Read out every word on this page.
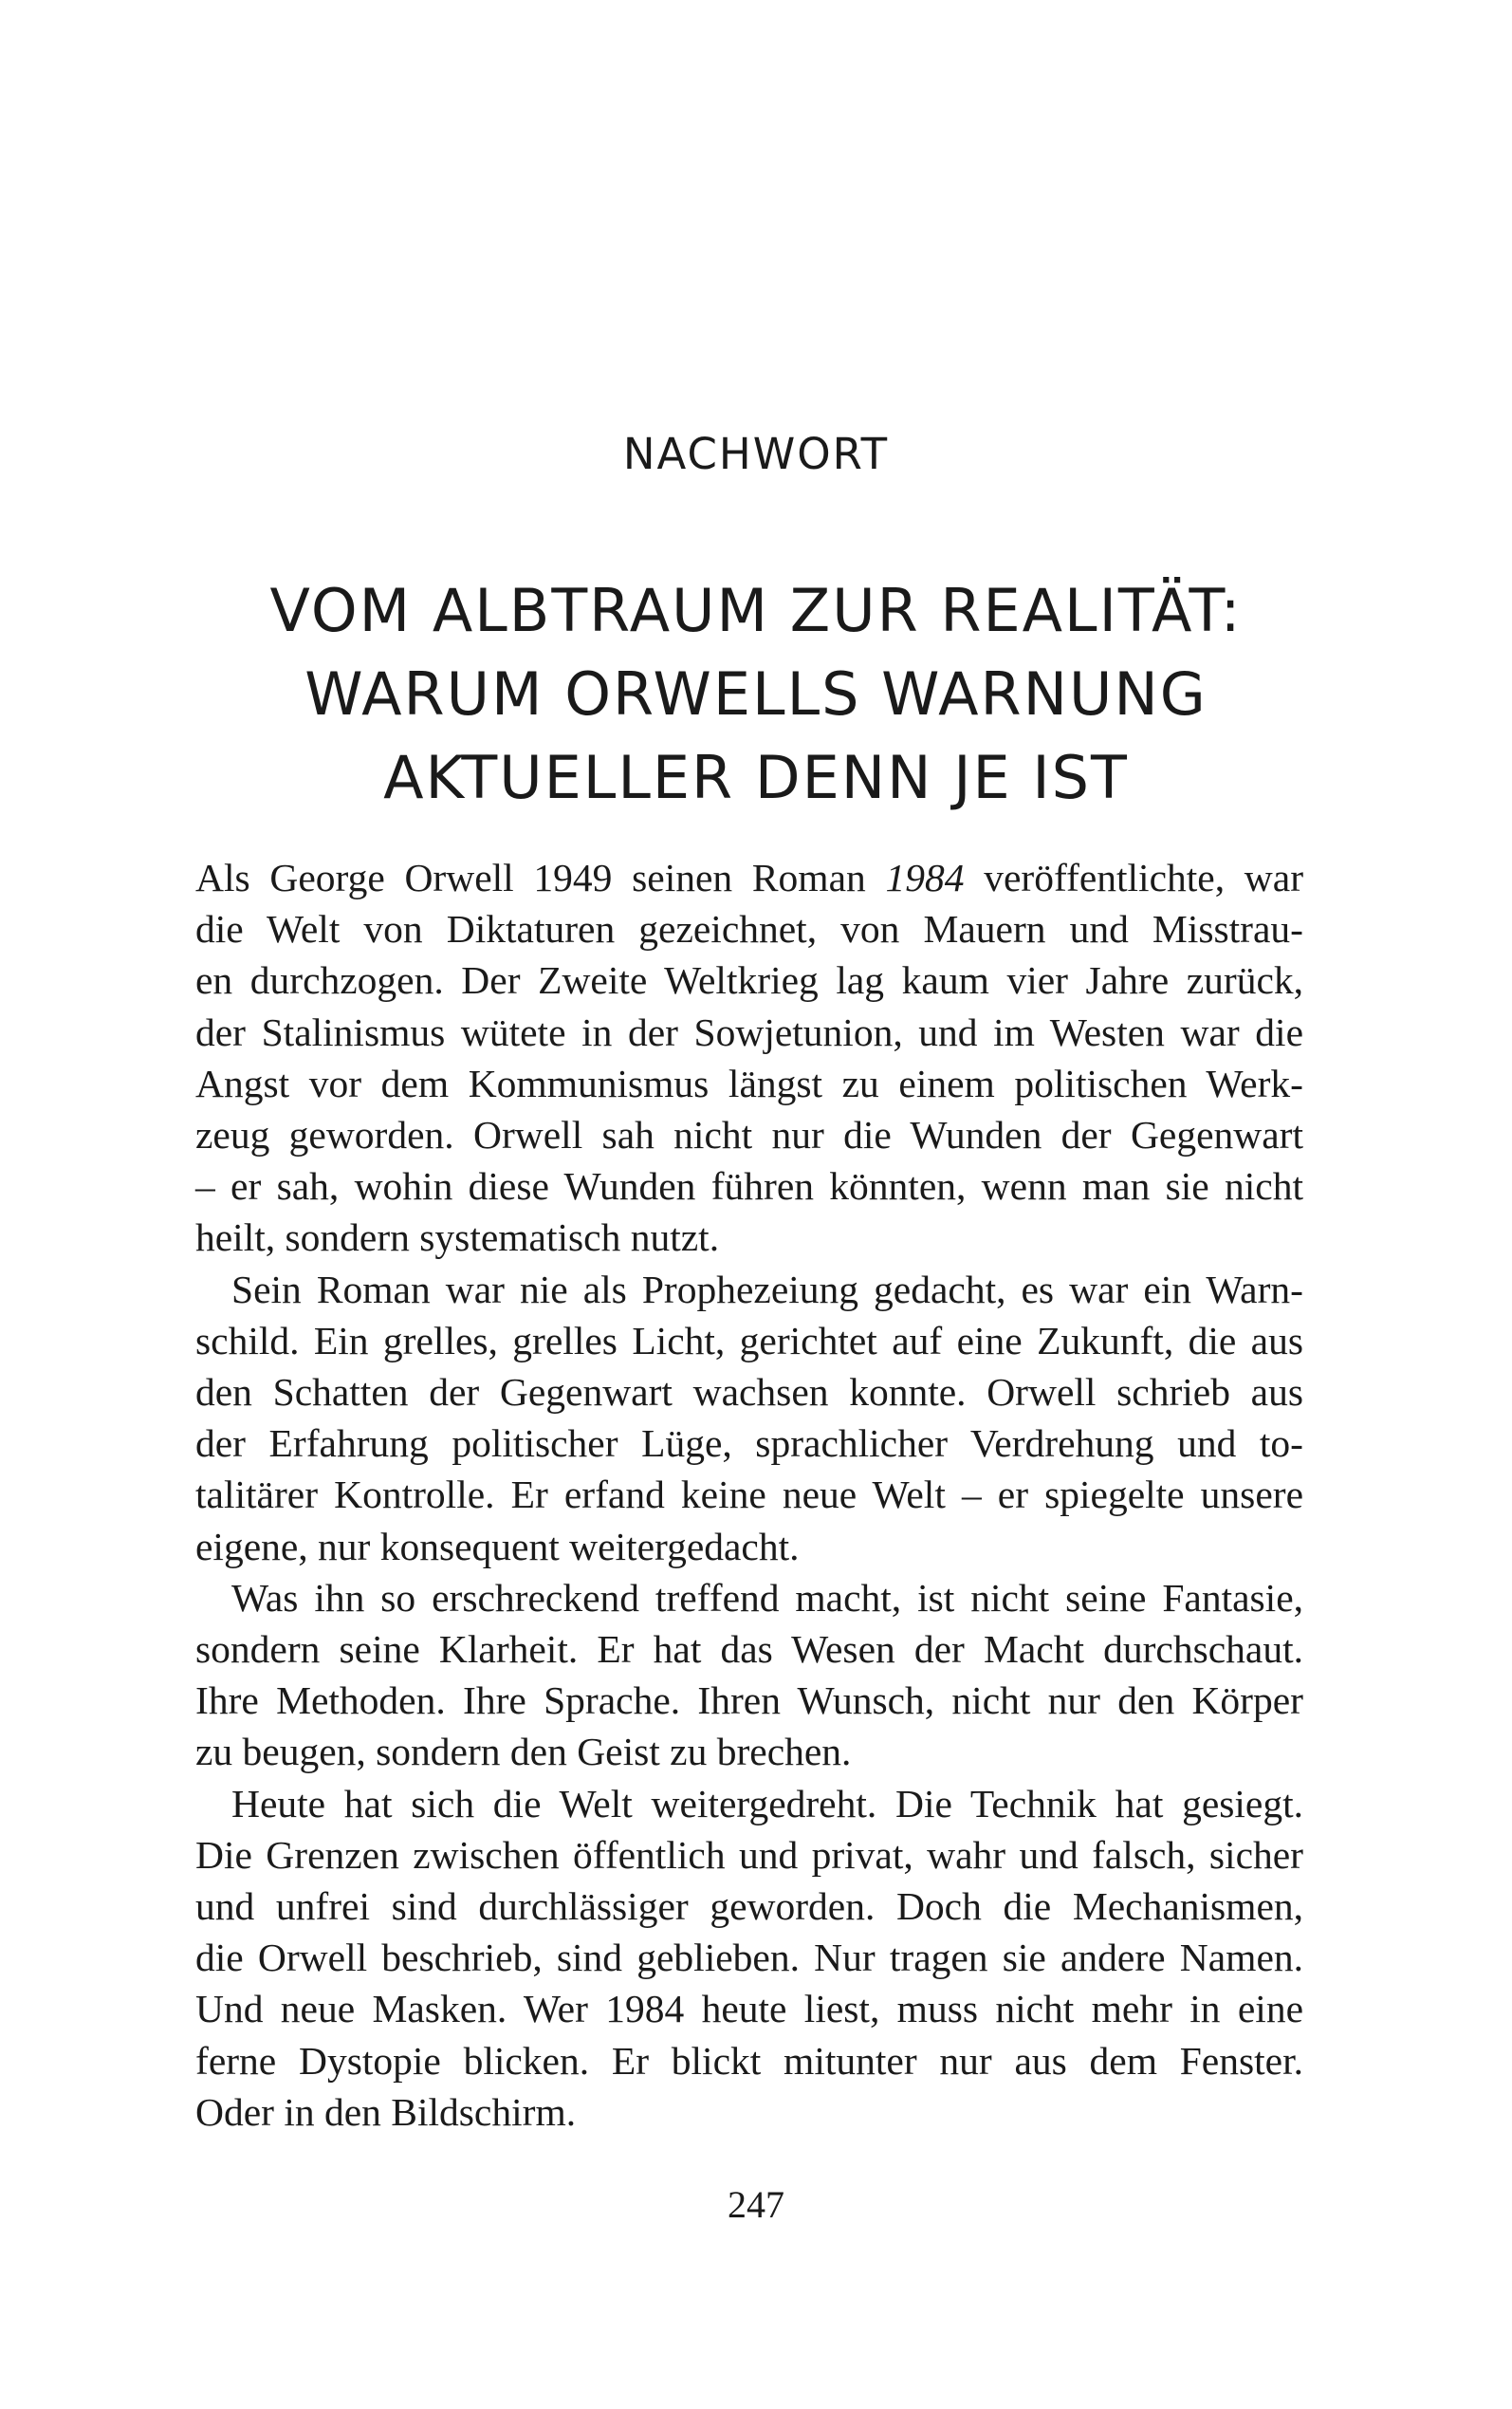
NACHWORT
VOM ALBTRAUM ZUR REALITÄT:
WARUM ORWELLS WARNUNG
AKTUELLER DENN JE IST
Als George Orwell 1949 seinen Roman 1984 veröffentlichte, war
die Welt von Diktaturen gezeichnet, von Mauern und Misstrau-
en durchzogen. Der Zweite Weltkrieg lag kaum vier Jahre zurück,
der Stalinismus wütete in der Sowjetunion, und im Westen war die
Angst vor dem Kommunismus längst zu einem politischen Werk-
zeug geworden. Orwell sah nicht nur die Wunden der Gegenwart
– er sah, wohin diese Wunden führen könnten, wenn man sie nicht
heilt, sondern systematisch nutzt.
Sein Roman war nie als Prophezeiung gedacht, es war ein Warn-
schild. Ein grelles, grelles Licht, gerichtet auf eine Zukunft, die aus
den Schatten der Gegenwart wachsen konnte. Orwell schrieb aus
der Erfahrung politischer Lüge, sprachlicher Verdrehung und to-
talitärer Kontrolle. Er erfand keine neue Welt – er spiegelte unsere
eigene, nur konsequent weitergedacht.
Was ihn so erschreckend treffend macht, ist nicht seine Fantasie,
sondern seine Klarheit. Er hat das Wesen der Macht durchschaut.
Ihre Methoden. Ihre Sprache. Ihren Wunsch, nicht nur den Körper
zu beugen, sondern den Geist zu brechen.
Heute hat sich die Welt weitergedreht. Die Technik hat gesiegt.
Die Grenzen zwischen öffentlich und privat, wahr und falsch, sicher
und unfrei sind durchlässiger geworden. Doch die Mechanismen,
die Orwell beschrieb, sind geblieben. Nur tragen sie andere Namen.
Und neue Masken. Wer 1984 heute liest, muss nicht mehr in eine
ferne Dystopie blicken. Er blickt mitunter nur aus dem Fenster.
Oder in den Bildschirm.
247
